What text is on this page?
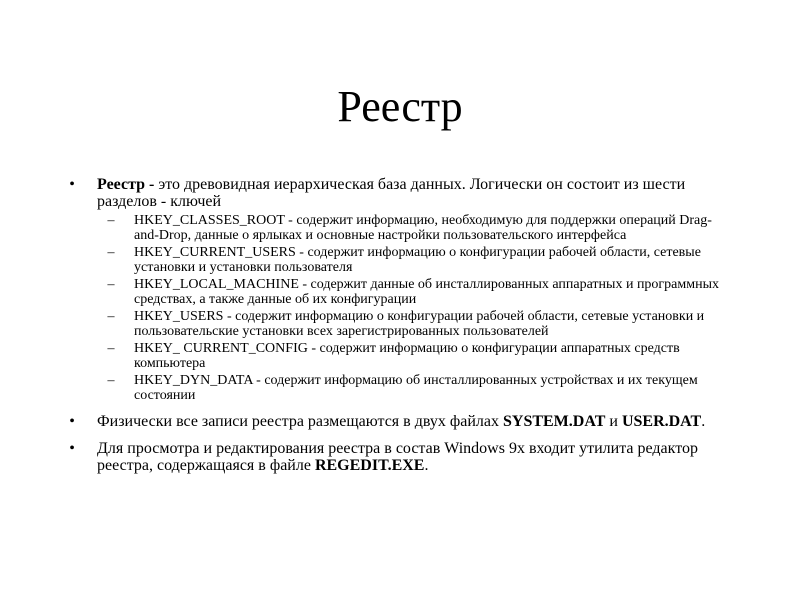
Реестр
• Реестр - это древовидная иерархическая база данных. Логически он состоит из шести разделов - ключей
–	HKEY_CLASSES_ROOT - содержит информацию, необходимую для поддержки операций Drag-and-Drop, данные о ярлыках и основные настройки пользовательского интерфейса
–	HKEY_CURRENT_USERS - содержит информацию о конфигурации рабочей области, сетевые установки и установки пользователя
–	HKEY_LOCAL_MACHINE - содержит данные об инсталлированных аппаратных и программных средствах, а также данные об их конфигурации
–	HKEY_USERS - содержит информацию о конфигурации рабочей области, сетевые установки и пользовательские установки всех зарегистрированных пользователей
–	HKEY_ CURRENT_CONFIG - содержит информацию о конфигурации аппаратных средств компьютера
–	HKEY_DYN_DATA - содержит информацию об инсталлированных устройствах и их текущем состоянии
• Физически все записи реестра размещаются в двух файлах SYSTEM.DAT и USER.DAT.
• Для просмотра и редактирования реестра в состав Windows 9x входит утилита редактор реестра, содержащаяся в файле REGEDIT.EXE.
